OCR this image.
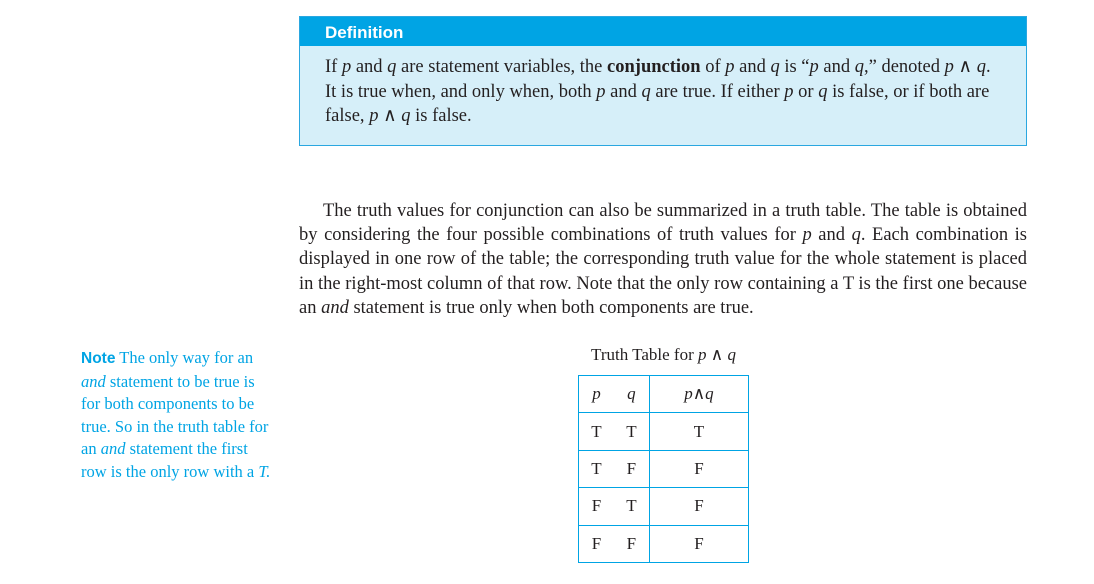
Definition
If p and q are statement variables, the conjunction of p and q is “p and q,” denoted p ∧ q. It is true when, and only when, both p and q are true. If either p or q is false, or if both are false, p ∧ q is false.

The truth values for conjunction can also be summarized in a truth table. The table is obtained by considering the four possible combinations of truth values for p and q. Each combination is displayed in one row of the table; the corresponding truth value for the whole statement is placed in the right-most column of that row. Note that the only row containing a T is the first one because an and statement is true only when both components are true.

Note The only way for an and statement to be true is for both components to be true. So in the truth table for an and statement the first row is the only row with a T.
Truth Table for p ∧ q
p	q	p∧q
T	T	T
T	F	F
F	T	F
F	F	F
